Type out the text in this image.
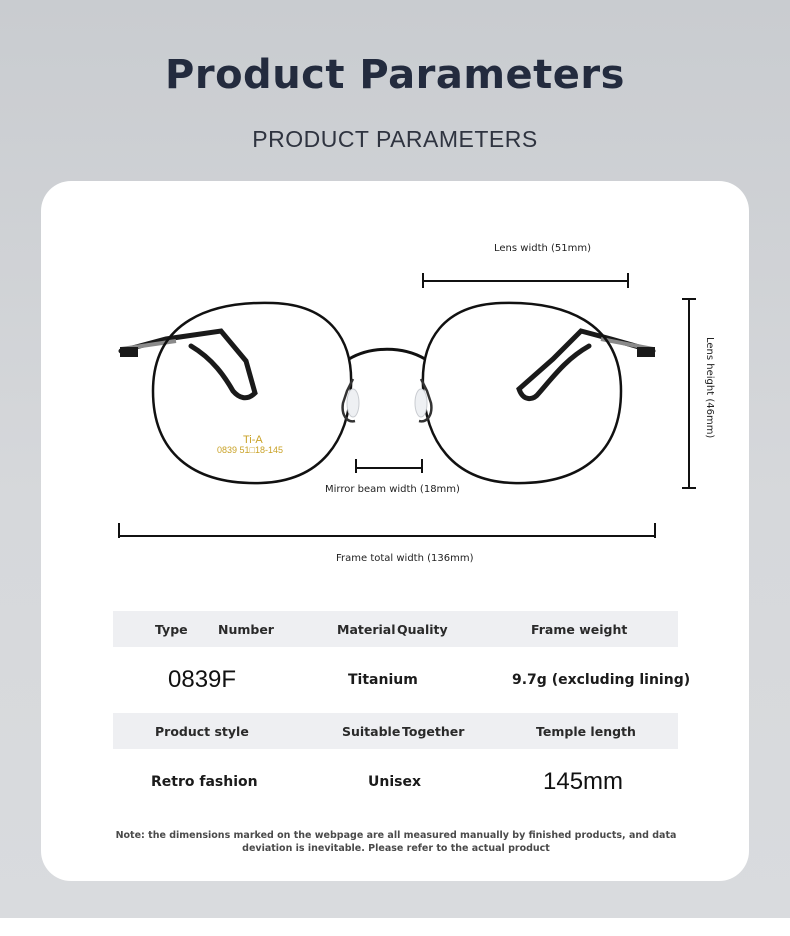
Product Parameters
PRODUCT PARAMETERS
Ti-A
0839 51□18-145
Lens width (51mm)
Lens height (46mm)
Mirror beam width (18mm)
Frame total width (136mm)
Type Number	Material Quality	Frame weight
0839F	Titanium	9.7g (excluding lining)
Product style	Suitable Together	Temple length
Retro fashion	Unisex	145mm
Note: the dimensions marked on the webpage are all measured manually by finished products, and data deviation is inevitable. Please refer to the actual product
